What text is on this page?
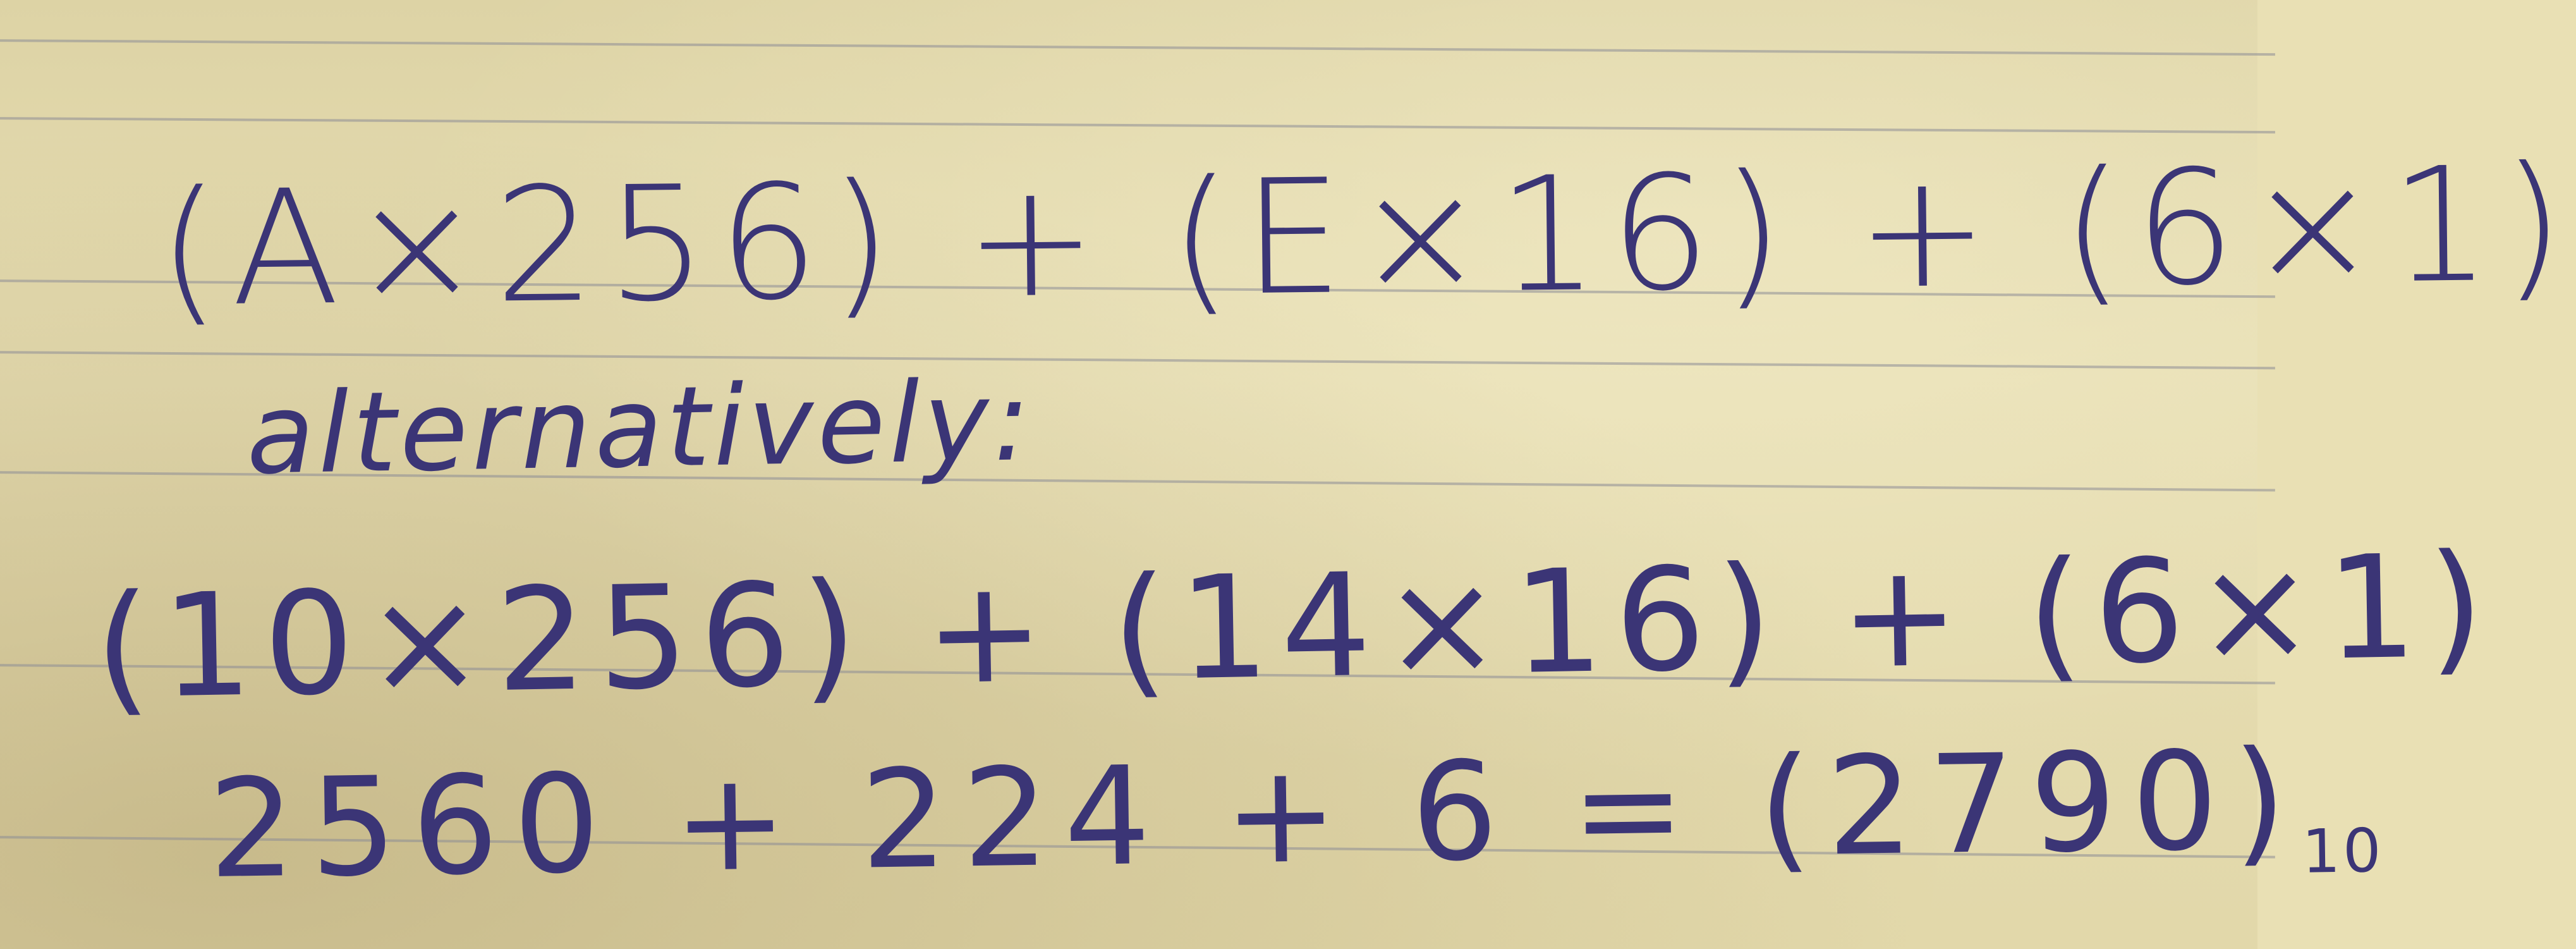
(A×256) + (E×16) + (6×1)
alternatively:
(10×256) + (14×16) + (6×1)
$2560 + 224 + 6 = (2790)_{10}$
